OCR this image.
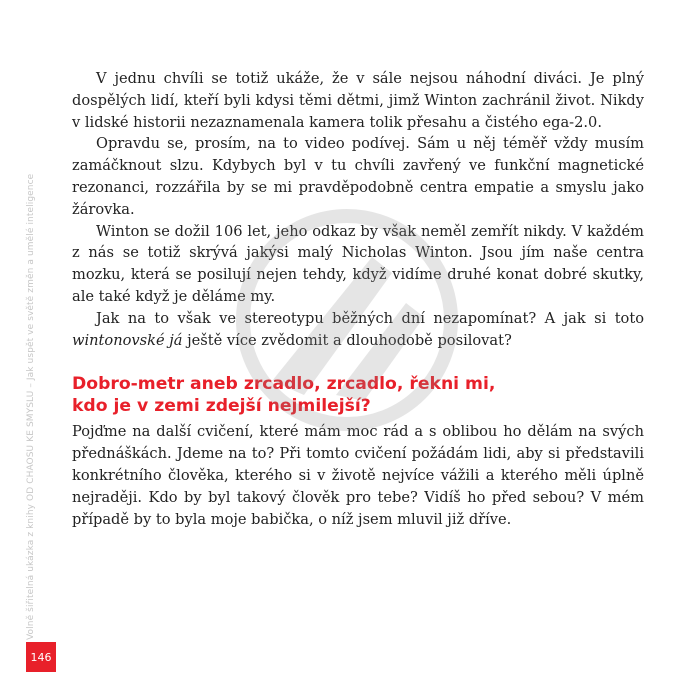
Volně šiřitelná ukázka z knihy OD CHAOSU KE SMYSLU – Jak uspět ve světě změn a umělé inteligence
146

V jednu chvíli se totiž ukáže, že v sále nejsou náhodní diváci. Je plný dospělých lidí, kteří byli kdysi těmi dětmi, jimž Winton zachránil život. Nikdy v lidské historii nezaznamenala kamera tolik přesahu a čistého ega-2.0.

Opravdu se, prosím, na to video podívej. Sám u něj téměř vždy musím zamáčknout slzu. Kdybych byl v tu chvíli zavřený ve funkční magnetické rezonanci, rozzářila by se mi pravděpodobně centra empatie a smyslu jako žárovka.

Winton se dožil 106 let, jeho odkaz by však neměl zemřít nikdy. V každém z nás se totiž skrývá jakýsi malý Nicholas Winton. Jsou jím naše centra mozku, která se posilují nejen tehdy, když vidíme druhé konat dobré skutky, ale také když je děláme my.

Jak na to však ve stereotypu běžných dní nezapomínat? A jak si toto wintonovské já ještě více zvědomit a dlouhodobě posilovat?

Dobro-metr aneb zrcadlo, zrcadlo, řekni mi,
kdo je v zemi zdejší nejmilejší?

Pojďme na další cvičení, které mám moc rád a s oblibou ho dělám na svých přednáškách. Jdeme na to? Při tomto cvičení požádám lidi, aby si představili konkrétního člověka, kterého si v životě nejvíce vážili a kterého měli úplně nejraději. Kdo by byl takový člověk pro tebe? Vidíš ho před sebou? V mém případě by to byla moje babička, o níž jsem mluvil již dříve.
